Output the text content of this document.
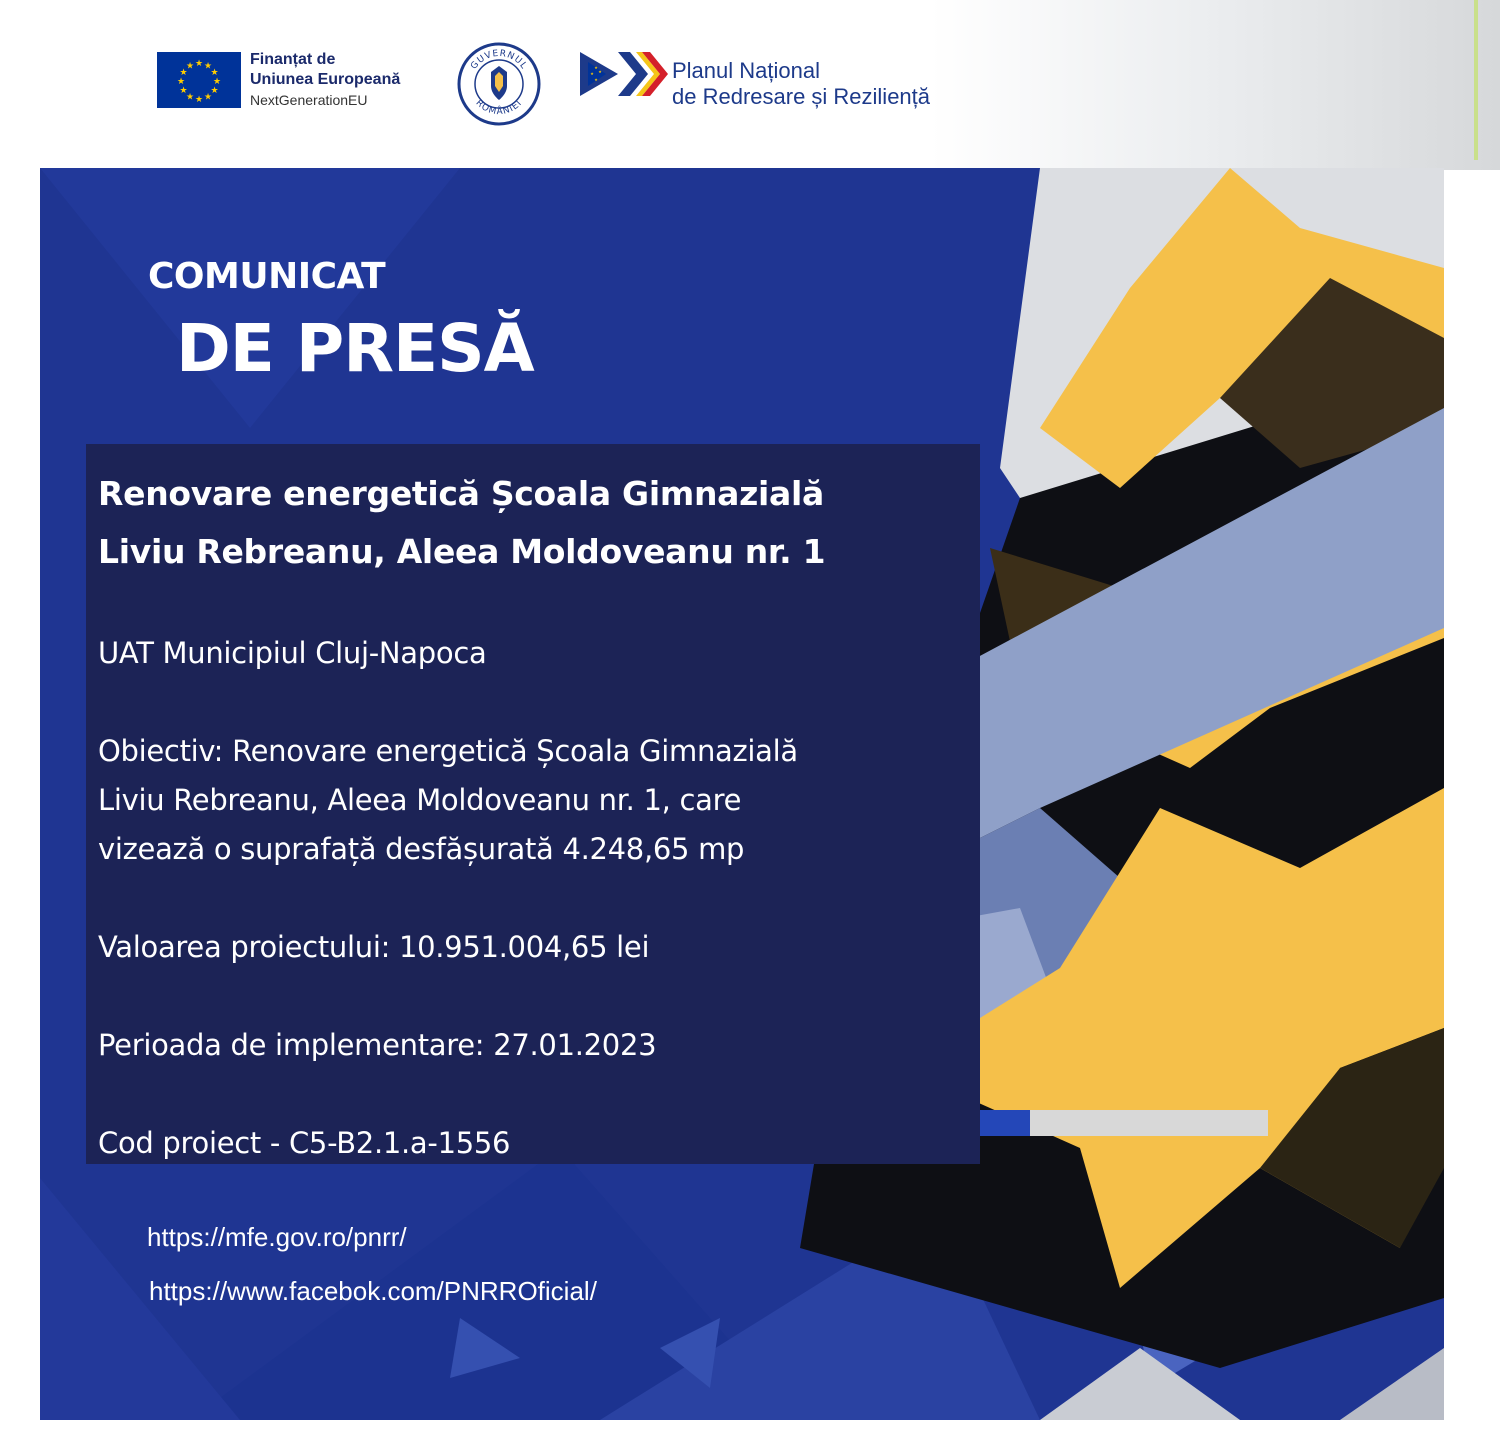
★ ★
★
★
★
★
★
★
★
★
★
★	Finanțat de
Uniunea Europeană
NextGenerationEU
GUVERNUL
ROMÂNIEI
★
★
★
★	Planul Național
de Redresare și Reziliență
COMUNICAT
DE PRESĂ
Renovare energetică Școala Gimnazială
Liviu Rebreanu, Aleea Moldoveanu nr. 1
UAT Municipiul Cluj-Napoca
Obiectiv: Renovare energetică Școala Gimnazială
Liviu Rebreanu, Aleea Moldoveanu nr. 1, care
vizează o suprafață desfășurată 4.248,65 mp
Valoarea proiectului: 10.951.004,65 lei
Perioada de implementare: 27.01.2023
Cod proiect - C5-B2.1.a-1556
https://mfe.gov.ro/pnrr/
https://www.facebok.com/PNRROficial/
